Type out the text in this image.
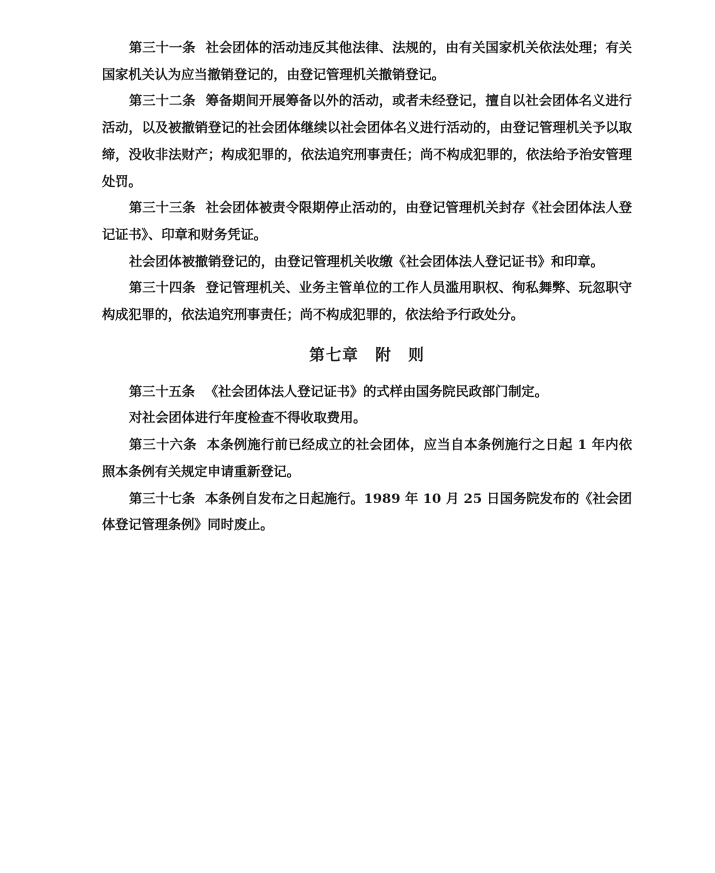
第三十一条 社会团体的活动违反其他法律、法规的，由有关国家机关依法处理；有关国家机关认为应当撤销登记的，由登记管理机关撤销登记。

第三十二条 筹备期间开展筹备以外的活动，或者未经登记，擅自以社会团体名义进行活动，以及被撤销登记的社会团体继续以社会团体名义进行活动的，由登记管理机关予以取缔，没收非法财产；构成犯罪的，依法追究刑事责任；尚不构成犯罪的，依法给予治安管理处罚。

第三十三条 社会团体被责令限期停止活动的，由登记管理机关封存《社会团体法人登记证书》、印章和财务凭证。

社会团体被撤销登记的，由登记管理机关收缴《社会团体法人登记证书》和印章。

第三十四条 登记管理机关、业务主管单位的工作人员滥用职权、徇私舞弊、玩忽职守构成犯罪的，依法追究刑事责任；尚不构成犯罪的，依法给予行政处分。

第七章　附　则

第三十五条 《社会团体法人登记证书》的式样由国务院民政部门制定。

对社会团体进行年度检查不得收取费用。

第三十六条 本条例施行前已经成立的社会团体，应当自本条例施行之日起 1 年内依照本条例有关规定申请重新登记。

第三十七条 本条例自发布之日起施行。1989 年 10 月 25 日国务院发布的《社会团体登记管理条例》同时废止。
